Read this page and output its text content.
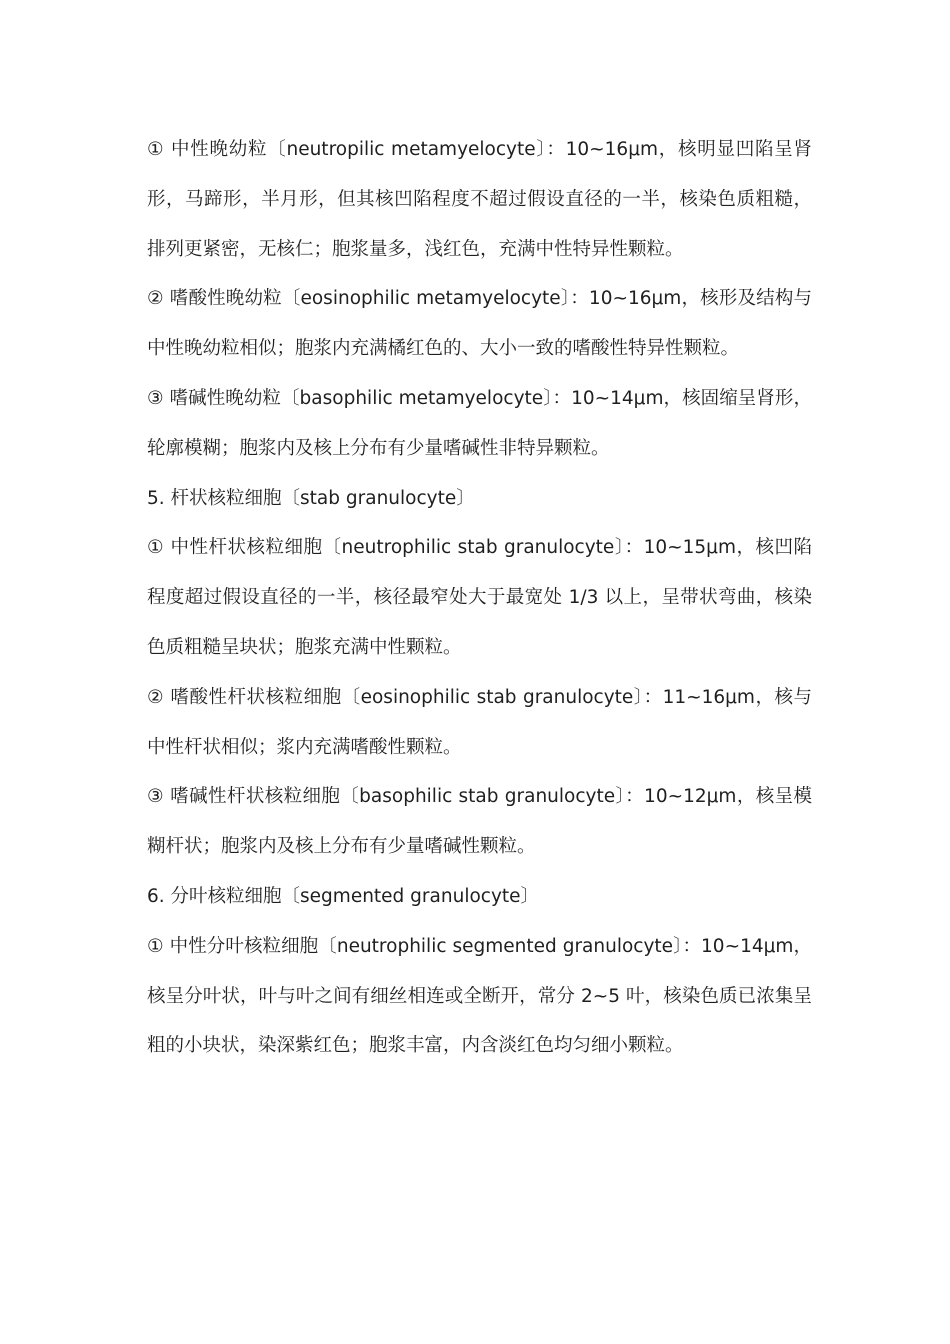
① 中性晚幼粒〔neutropilic metamyelocyte〕：10~16μm，核明显凹陷呈肾形，马蹄形，半月形，但其核凹陷程度不超过假设直径的一半，核染色质粗糙，排列更紧密，无核仁；胞浆量多，浅红色，充满中性特异性颗粒。

② 嗜酸性晚幼粒〔eosinophilic metamyelocyte〕：10~16μm，核形及结构与中性晚幼粒相似；胞浆内充满橘红色的、大小一致的嗜酸性特异性颗粒。

③ 嗜碱性晚幼粒〔basophilic metamyelocyte〕：10~14μm，核固缩呈肾形，轮廓模糊；胞浆内及核上分布有少量嗜碱性非特异颗粒。

5. 杆状核粒细胞〔stab granulocyte〕

① 中性杆状核粒细胞〔neutrophilic stab granulocyte〕：10~15μm，核凹陷程度超过假设直径的一半，核径最窄处大于最宽处 1/3 以上，呈带状弯曲，核染色质粗糙呈块状；胞浆充满中性颗粒。

② 嗜酸性杆状核粒细胞〔eosinophilic stab granulocyte〕：11~16μm，核与中性杆状相似；浆内充满嗜酸性颗粒。

③ 嗜碱性杆状核粒细胞〔basophilic stab granulocyte〕：10~12μm，核呈模糊杆状；胞浆内及核上分布有少量嗜碱性颗粒。

6. 分叶核粒细胞〔segmented granulocyte〕

① 中性分叶核粒细胞〔neutrophilic segmented granulocyte〕：10~14μm，核呈分叶状，叶与叶之间有细丝相连或全断开，常分 2~5 叶，核染色质已浓集呈粗的小块状，染深紫红色；胞浆丰富，内含淡红色均匀细小颗粒。
